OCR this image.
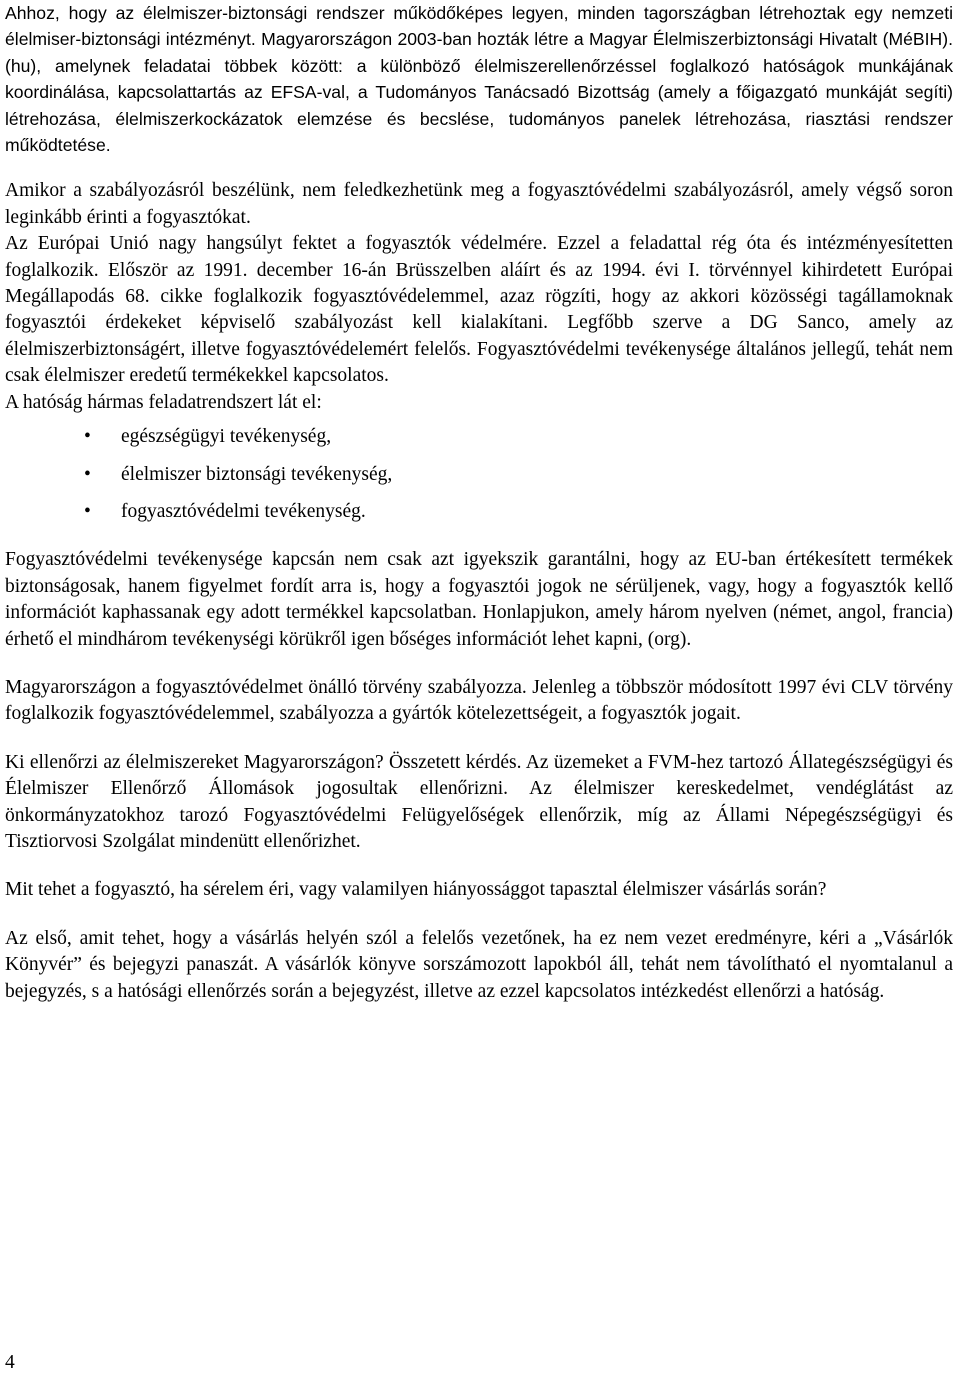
Ahhoz, hogy az élelmiszer-biztonsági rendszer működőképes legyen, minden tagországban létrehoztak egy nemzeti élelmiser-biztonsági intézményt. Magyarországon 2003-ban hozták létre a Magyar Élelmiszerbiztonsági Hivatalt (MéBIH). (hu), amelynek feladatai többek között: a különböző élelmiszerellenőrzéssel foglalkozó hatóságok munkájának koordinálása, kapcsolattartás az EFSA-val, a Tudományos Tanácsadó Bizottság (amely a főigazgató munkáját segíti) létrehozása, élelmiszerkockázatok elemzése és becslése, tudományos panelek létrehozása, riasztási rendszer működtetése.

Amikor a szabályozásról beszélünk, nem feledkezhetünk meg a fogyasztóvédelmi szabályozásról, amely végső soron leginkább érinti a fogyasztókat.

Az Európai Unió nagy hangsúlyt fektet a fogyasztók védelmére. Ezzel a feladattal rég óta és intézményesítetten foglalkozik. Először az 1991. december 16-án Brüsszelben aláírt és az 1994. évi I. törvénnyel kihirdetett Európai Megállapodás 68. cikke foglalkozik fogyasztóvédelemmel, azaz rögzíti, hogy az akkori közösségi tagállamoknak fogyasztói érdekeket képviselő szabályozást kell kialakítani. Legfőbb szerve a DG Sanco, amely az élelmiszerbiztonságért, illetve fogyasztóvédelemért felelős. Fogyasztóvédelmi tevékenysége általános jellegű, tehát nem csak élelmiszer eredetű termékekkel kapcsolatos.

A hatóság hármas feladatrendszert lát el:

• egészségügyi tevékenység,
• élelmiszer biztonsági tevékenység,
• fogyasztóvédelmi tevékenység.

Fogyasztóvédelmi tevékenysége kapcsán nem csak azt igyekszik garantálni, hogy az EU-ban értékesített termékek biztonságosak, hanem figyelmet fordít arra is, hogy a fogyasztói jogok ne sérüljenek, vagy, hogy a fogyasztók kellő információt kaphassanak egy adott termékkel kapcsolatban. Honlapjukon, amely három nyelven (német, angol, francia) érhető el mindhárom tevékenységi körükről igen bőséges információt lehet kapni, (org).

Magyarországon a fogyasztóvédelmet önálló törvény szabályozza. Jelenleg a többször módosított 1997 évi CLV törvény foglalkozik fogyasztóvédelemmel, szabályozza a gyártók kötelezettségeit, a fogyasztók jogait.

Ki ellenőrzi az élelmiszereket Magyarországon? Összetett kérdés. Az üzemeket a FVM-hez tartozó Állategészségügyi és Élelmiszer Ellenőrző Állomások jogosultak ellenőrizni. Az élelmiszer kereskedelmet, vendéglátást az önkormányzatokhoz tarozó Fogyasztóvédelmi Felügyelőségek ellenőrzik, míg az Állami Népegészségügyi és Tisztiorvosi Szolgálat mindenütt ellenőrizhet.

Mit tehet a fogyasztó, ha sérelem éri, vagy valamilyen hiányossággot tapasztal élelmiszer vásárlás során?

Az első, amit tehet, hogy a vásárlás helyén szól a felelős vezetőnek, ha ez nem vezet eredményre, kéri a „Vásárlók Könyvér” és bejegyzi panaszát. A vásárlók könyve sorszámozott lapokból áll, tehát nem távolítható el nyomtalanul a bejegyzés, s a hatósági ellenőrzés során a bejegyzést, illetve az ezzel kapcsolatos intézkedést ellenőrzi a hatóság.

4
